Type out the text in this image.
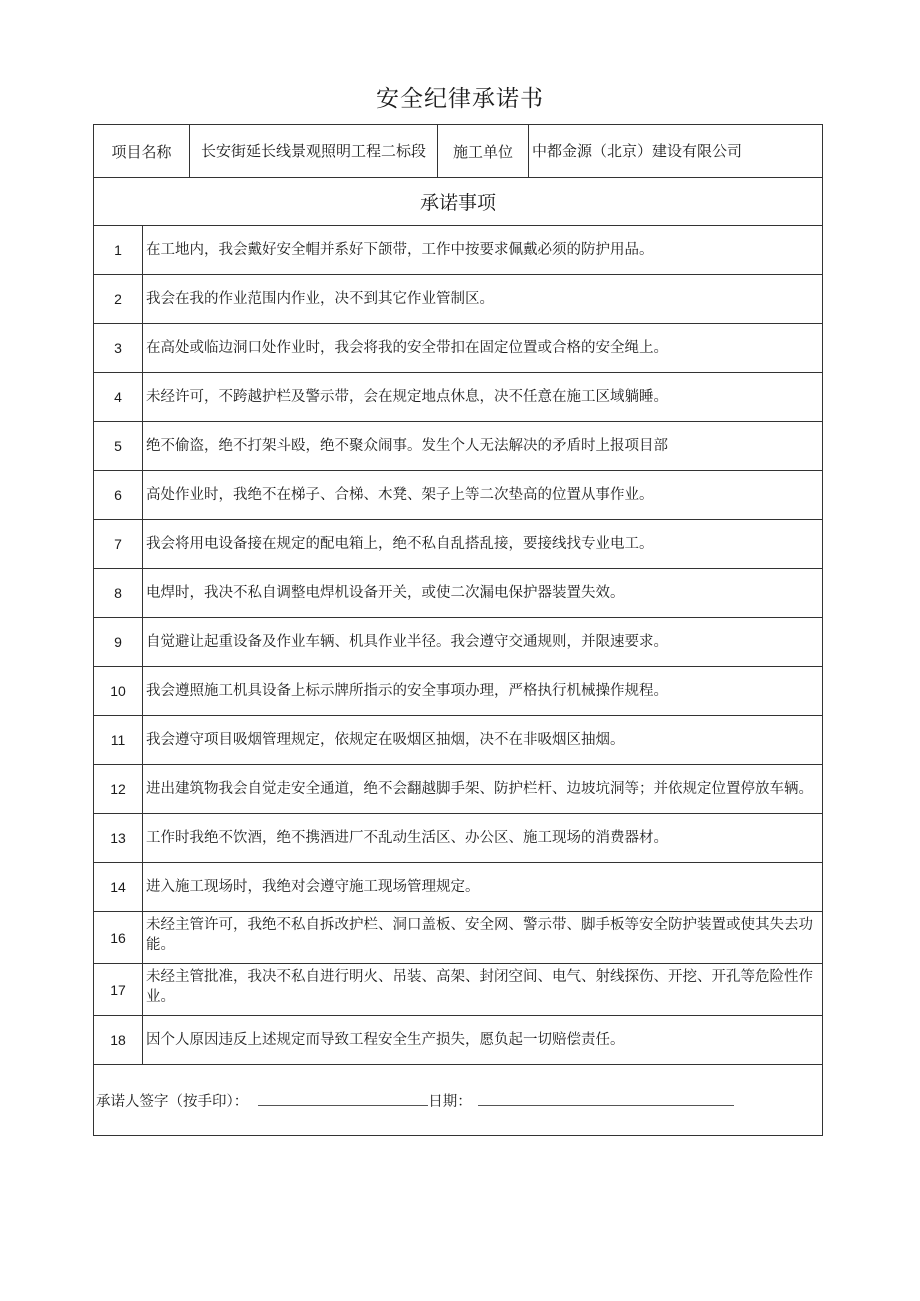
安全纪律承诺书
项目名称		长安街延长线景观照明工程二标段	施工单位	中都金源（北京）建设有限公司
承诺事项				
1	在工地内，我会戴好安全帽并系好下颌带，工作中按要求佩戴必须的防护用品。			
2	我会在我的作业范围内作业，决不到其它作业管制区。			
3	在高处或临边洞口处作业时，我会将我的安全带扣在固定位置或合格的安全绳上。			
4	未经许可，不跨越护栏及警示带，会在规定地点休息，决不任意在施工区域躺睡。			
5	绝不偷盗，绝不打架斗殴，绝不聚众闹事。发生个人无法解决的矛盾时上报项目部			
6	高处作业时，我绝不在梯子、合梯、木凳、架子上等二次垫高的位置从事作业。			
7	我会将用电设备接在规定的配电箱上，绝不私自乱搭乱接，要接线找专业电工。			
8	电焊时，我决不私自调整电焊机设备开关，或使二次漏电保护器装置失效。			
9	自觉避让起重设备及作业车辆、机具作业半径。我会遵守交通规则，并限速要求。			
10	我会遵照施工机具设备上标示牌所指示的安全事项办理，严格执行机械操作规程。			
11	我会遵守项目吸烟管理规定，依规定在吸烟区抽烟，决不在非吸烟区抽烟。			
12	进出建筑物我会自觉走安全通道，绝不会翻越脚手架、防护栏杆、边坡坑洞等；并依规定位置停放车辆。			
13	工作时我绝不饮酒，绝不携酒进厂不乱动生活区、办公区、施工现场的消费器材。			
14	进入施工现场时，我绝对会遵守施工现场管理规定。			
16	未经主管许可，我绝不私自拆改护栏、洞口盖板、安全网、警示带、脚手板等安全防护装置或使其失去功能。			
17	未经主管批准，我决不私自进行明火、吊装、高架、封闭空间、电气、射线探伤、开挖、开孔等危险性作业。			
18	因个人原因违反上述规定而导致工程安全生产损失，愿负起一切赔偿责任。			

承诺人签字（按手印）： 日期：				
